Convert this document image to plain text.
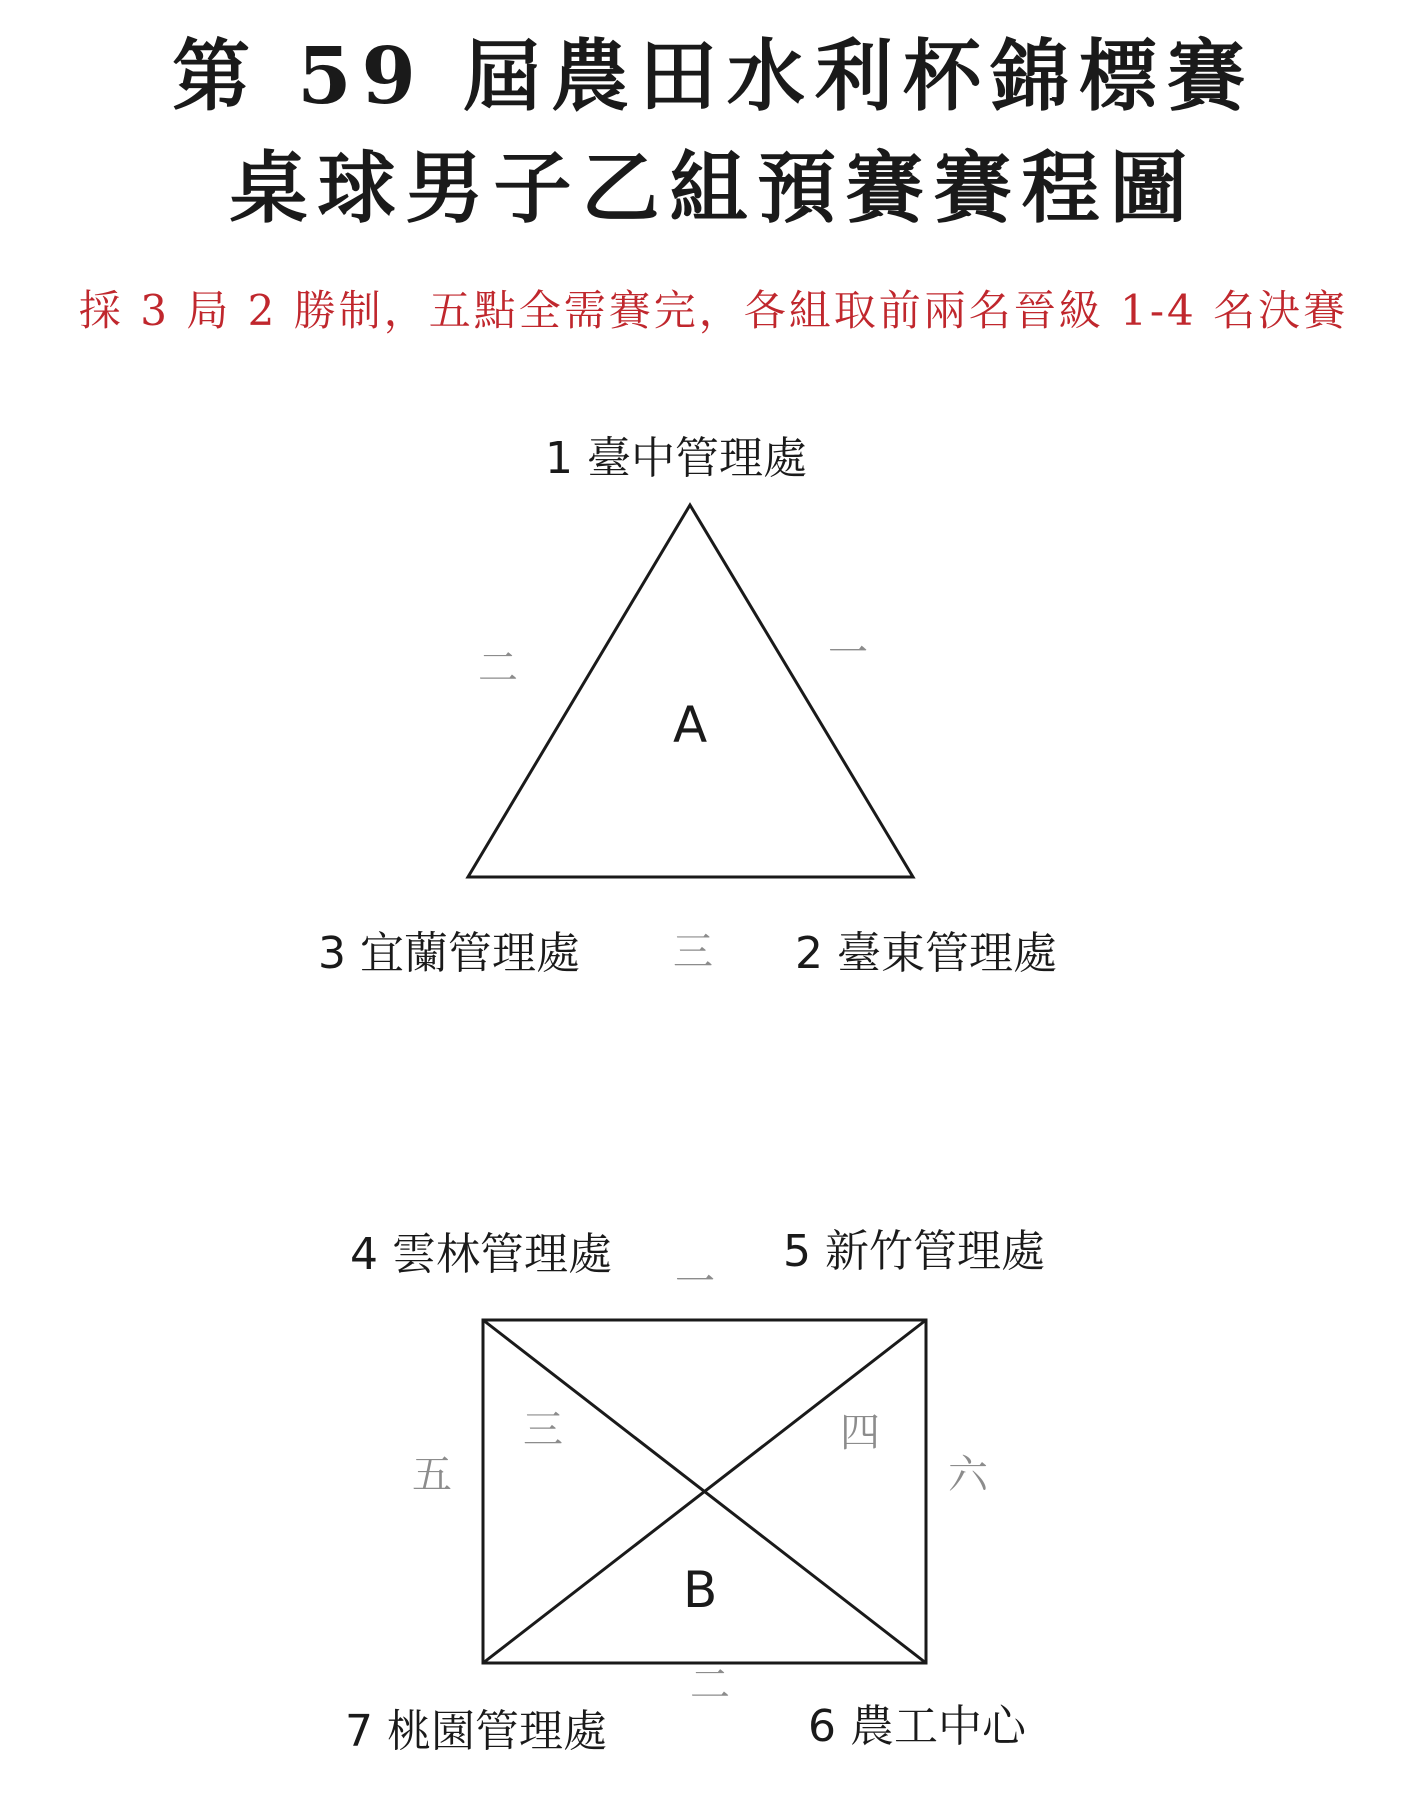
第 59 屆農田水利杯錦標賽
桌球男子乙組預賽賽程圖
採 3 局 2 勝制，五點全需賽完，各組取前兩名晉級 1-4 名決賽
1 臺中管理處
2 臺東管理處
3 宜蘭管理處
A
一
二
三
4 雲林管理處	5 新竹管理處
6 農工中心
7 桃園管理處
B
一
二
三	四
五	六
